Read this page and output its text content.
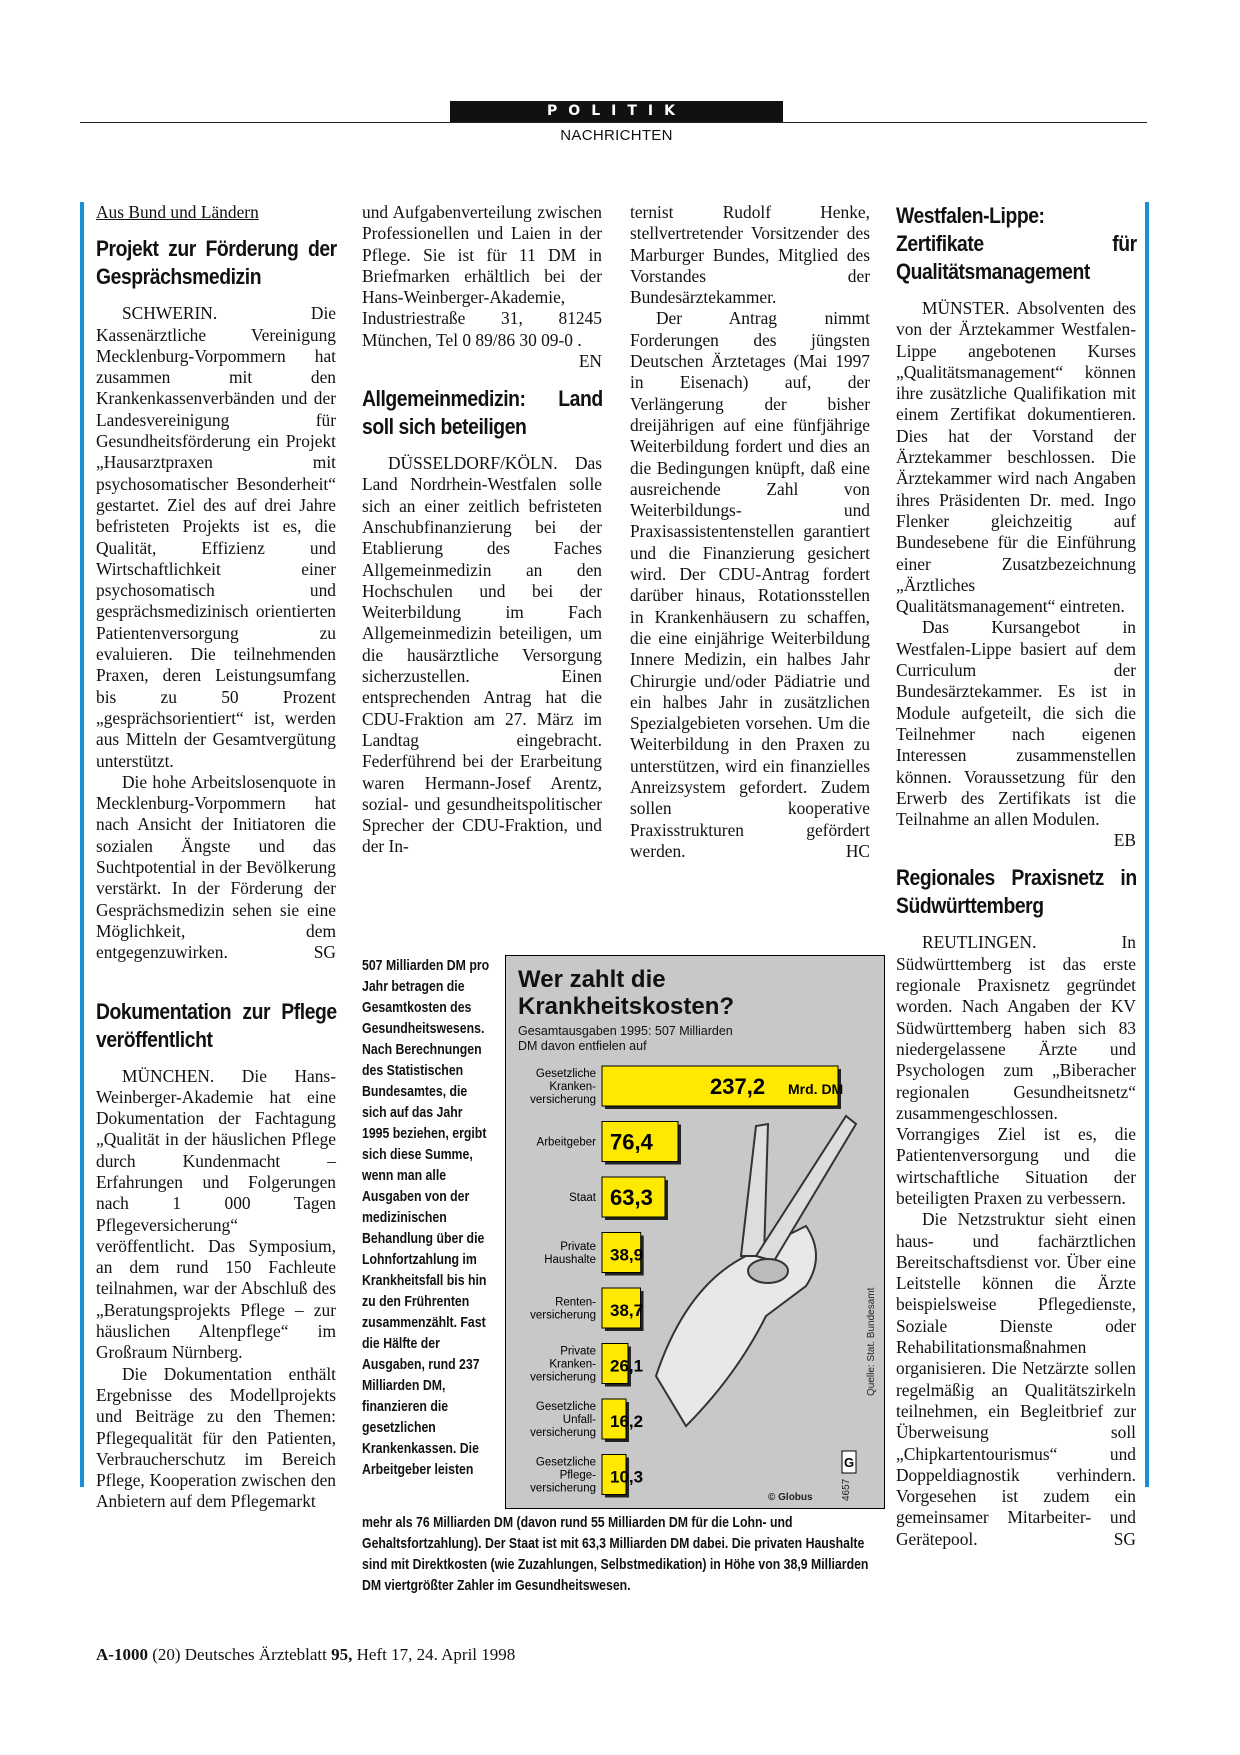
POLITIK
NACHRICHTEN
Aus Bund und Ländern
Projekt zur Förderung der Gesprächsmedizin

SCHWERIN. Die Kassenärztliche Vereinigung Mecklenburg-Vorpommern hat zusammen mit den Krankenkassenverbänden und der Landesvereinigung für Gesundheitsförderung ein Projekt „Hausarztpraxen mit psychosomatischer Besonderheit“ gestartet. Ziel des auf drei Jahre befristeten Projekts ist es, die Qualität, Effizienz und Wirtschaftlichkeit einer psychosomatisch und gesprächsmedizinisch orientierten Patientenversorgung zu evaluieren. Die teilnehmenden Praxen, deren Leistungsumfang bis zu 50 Prozent „gesprächsorientiert“ ist, werden aus Mitteln der Gesamtvergütung unterstützt.

Die hohe Arbeitslosenquote in Mecklenburg-Vorpommern hat nach Ansicht der Initiatoren die sozialen Ängste und das Suchtpotential in der Bevölkerung verstärkt. In der Förderung der Gesprächsmedizin sehen sie eine Möglichkeit, dem entgegenzuwirken.	SG

Dokumentation zur Pflege veröffentlicht

MÜNCHEN. Die Hans-Weinberger-Akademie hat eine Dokumentation der Fachtagung „Qualität in der häuslichen Pflege durch Kundenmacht – Erfahrungen und Folgerungen nach 1 000 Tagen Pflegeversicherung“ veröffentlicht. Das Symposium, an dem rund 150 Fachleute teilnahmen, war der Abschluß des „Beratungsprojekts Pflege – zur häuslichen Altenpflege“ im Großraum Nürnberg.

Die Dokumentation enthält Ergebnisse des Modellprojekts und Beiträge zu den Themen: Pflegequalität für den Patienten, Verbraucherschutz im Bereich Pflege, Kooperation zwischen den Anbietern auf dem Pflegemarkt

und Aufgabenverteilung zwischen Professionellen und Laien in der Pflege. Sie ist für 11 DM in Briefmarken erhältlich bei der Hans-Weinberger-Akademie, Industriestraße 31, 81245 München, Tel 0 89/86 30 09-0 .
EN

Allgemeinmedizin: Land soll sich beteiligen

DÜSSELDORF/KÖLN. Das Land Nordrhein-Westfalen solle sich an einer zeitlich befristeten Anschubfinanzierung bei der Etablierung des Faches Allgemeinmedizin an den Hochschulen und bei der Weiterbildung im Fach Allgemeinmedizin beteiligen, um die hausärztliche Versorgung sicherzustellen. Einen entsprechenden Antrag hat die CDU-Fraktion am 27. März im Landtag eingebracht. Federführend bei der Erarbeitung waren Hermann-Josef Arentz, sozial- und gesundheitspolitischer Sprecher der CDU-Fraktion, und der In-

ternist Rudolf Henke, stellvertretender Vorsitzender des Marburger Bundes, Mitglied des Vorstandes der Bundesärztekammer.

Der Antrag nimmt Forderungen des jüngsten Deutschen Ärztetages (Mai 1997 in Eisenach) auf, der Verlängerung der bisher dreijährigen auf eine fünfjährige Weiterbildung fordert und dies an die Bedingungen knüpft, daß eine ausreichende Zahl von Weiterbildungs- und Praxisassistentenstellen garantiert und die Finanzierung gesichert wird. Der CDU-Antrag fordert darüber hinaus, Rotationsstellen in Krankenhäusern zu schaffen, die eine einjährige Weiterbildung Innere Medizin, ein halbes Jahr Chirurgie und/oder Pädiatrie und ein halbes Jahr in zusätzlichen Spezialgebieten vorsehen. Um die Weiterbildung in den Praxen zu unterstützen, wird ein finanzielles Anreizsystem gefordert. Zudem sollen kooperative Praxisstrukturen gefördert werden.	HC

Westfalen-Lippe: Zertifikate für Qualitätsmanagement

MÜNSTER. Absolventen des von der Ärztekammer Westfalen-Lippe angebotenen Kurses „Qualitätsmanagement“ können ihre zusätzliche Qualifikation mit einem Zertifikat dokumentieren. Dies hat der Vorstand der Ärztekammer beschlossen. Die Ärztekammer wird nach Angaben ihres Präsidenten Dr. med. Ingo Flenker gleichzeitig auf Bundesebene für die Einführung einer Zusatzbezeichnung „Ärztliches Qualitätsmanagement“ eintreten.

Das Kursangebot in Westfalen-Lippe basiert auf dem Curriculum der Bundesärztekammer. Es ist in Module aufgeteilt, die sich die Teilnehmer nach eigenen Interessen zusammenstellen können. Voraussetzung für den Erwerb des Zertifikats ist die Teilnahme an allen Modulen.
EB

Regionales Praxisnetz in Südwürttemberg

REUTLINGEN. In Südwürttemberg ist das erste regionale Praxisnetz gegründet worden. Nach Angaben der KV Südwürttemberg haben sich 83 niedergelassene Ärzte und Psychologen zum „Biberacher regionalen Gesundheitsnetz“ zusammengeschlossen. Vorrangiges Ziel ist es, die Patientenversorgung und die wirtschaftliche Situation der beteiligten Praxen zu verbessern.

Die Netzstruktur sieht einen haus- und fachärztlichen Bereitschaftsdienst vor. Über eine Leitstelle können die Ärzte beispielsweise Pflegedienste, Soziale Dienste oder Rehabilitationsmaßnahmen organisieren. Die Netzärzte sollen regelmäßig an Qualitätszirkeln teilnehmen, ein Begleitbrief zur Überweisung soll „Chipkartentourismus“ und Doppeldiagnostik verhindern. Vorgesehen ist zudem ein gemeinsamer Mitarbeiter- und Gerätepool.	SG

507 Milliarden DM pro Jahr betragen die Gesamtkosten des Gesundheitswesens. Nach Berechnungen des Statistischen Bundesamtes, die sich auf das Jahr 1995 beziehen, ergibt sich diese Summe, wenn man alle Ausgaben von der medizinischen Behandlung über die Lohnfortzahlung im Krankheitsfall bis hin zu den Frührenten zusammenzählt. Fast die Hälfte der Ausgaben, rund 237 Milliarden DM, finanzieren die gesetzlichen Krankenkassen. Die Arbeitgeber leisten
mehr als 76 Milliarden DM (davon rund 55 Milliarden DM für die Lohn- und Gehaltsfortzahlung). Der Staat ist mit 63,3 Milliarden DM dabei. Die privaten Haushalte sind mit Direktkosten (wie Zuzahlungen, Selbstmedikation) in Höhe von 38,9 Milliarden DM viertgrößter Zahler im Gesundheitswesen.
Wer zahlt die Krankheitskosten?
Gesamtausgaben 1995: 507 Milliarden DM davon entfielen auf
Gesetzliche Kranken-versicherung
237,2 Mrd. DM
Arbeitgeber 76,4
Staat 63,3
Private Haushalte 38,9
Renten-versicherung 38,7
Private Kranken-versicherung
26,1
Gesetzliche Unfall-versicherung
16,2
Gesetzliche Pflege-versicherung
10,3
Quelle: Stat. Bundesamt
© Globus	4657
G
A-1000 (20) Deutsches Ärzteblatt 95, Heft 17, 24. April 1998
